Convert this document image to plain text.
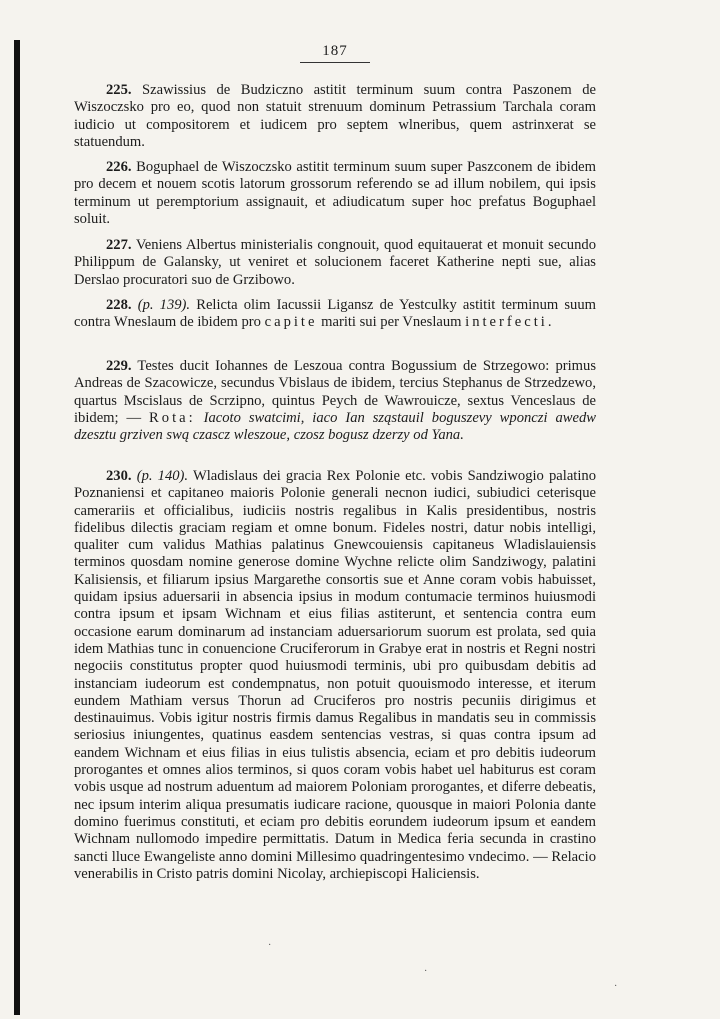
187

225. Szawissius de Budziczno astitit terminum suum contra Paszonem de Wiszoczsko pro eo, quod non statuit strenuum dominum Petrassium Tarchala coram iudicio ut compositorem et iudicem pro septem wlneribus, quem astrinxerat se statuendum.

226. Boguphael de Wiszoczsko astitit terminum suum super Paszconem de ibidem pro decem et nouem scotis latorum grossorum referendo se ad illum nobilem, qui ipsis terminum ut peremptorium assignauit, et adiudicatum super hoc prefatus Boguphael soluit.

227. Veniens Albertus ministerialis congnouit, quod equitauerat et monuit secundo Philippum de Galansky, ut veniret et solucionem faceret Katherine nepti sue, alias Derslao procuratori suo de Grzibowo.

228. (p. 139). Relicta olim Iacussii Ligansz de Yestculky astitit terminum suum contra Wneslaum de ibidem pro capite mariti sui per Vneslaum interfecti.

229. Testes ducit Iohannes de Leszoua contra Bogussium de Strzegowo: primus Andreas de Szacowicze, secundus Vbislaus de ibidem, tercius Stephanus de Strzedzewo, quartus Mscislaus de Scrzipno, quintus Peych de Wawrouicze, sextus Venceslaus de ibidem; — Rota: Iacoto swatcimi, iaco Ian sząstauil boguszevy wponczi awedw dzesztu grziven swą czascz wleszoue, czosz bogusz dzerzy od Yana.

230. (p. 140). Wladislaus dei gracia Rex Polonie etc. vobis Sandziwogio palatino Poznaniensi et capitaneo maioris Polonie generali necnon iudici, subiudici ceterisque camerariis et officialibus, iudiciis nostris regalibus in Kalis presidentibus, nostris fidelibus dilectis graciam regiam et omne bonum. Fideles nostri, datur nobis intelligi, qualiter cum validus Mathias palatinus Gnewcouiensis capitaneus Wladislauiensis terminos quosdam nomine generose domine Wychne relicte olim Sandziwogy, palatini Kalisiensis, et filiarum ipsius Margarethe consortis sue et Anne coram vobis habuisset, quidam ipsius aduersarii in absencia ipsius in modum contumacie terminos huiusmodi contra ipsum et ipsam Wichnam et eius filias astiterunt, et sentencia contra eum occasione earum dominarum ad instanciam aduersariorum suorum est prolata, sed quia idem Mathias tunc in conuencione Cruciferorum in Grabye erat in nostris et Regni nostri negociis constitutus propter quod huiusmodi terminis, ubi pro quibusdam debitis ad instanciam iudeorum est condempnatus, non potuit quouismodo interesse, et iterum eundem Mathiam versus Thorun ad Cruciferos pro nostris pecuniis dirigimus et destinauimus. Vobis igitur nostris firmis damus Regalibus in mandatis seu in commissis seriosius iniungentes, quatinus easdem sentencias vestras, si quas contra ipsum ad eandem Wichnam et eius filias in eius tulistis absencia, eciam et pro debitis iudeorum prorogantes et omnes alios terminos, si quos coram vobis habet uel habiturus est coram vobis usque ad nostrum aduentum ad maiorem Poloniam prorogantes, et diferre debeatis, nec ipsum interim aliqua presumatis iudicare racione, quousque in maiori Polonia dante domino fuerimus constituti, et eciam pro debitis eorundem iudeorum ipsum et eandem Wichnam nullomodo impedire permittatis. Datum in Medica feria secunda in crastino sancti lluce Ewangeliste anno domini Millesimo quadringentesimo vndecimo. — Relacio venerabilis in Cristo patris domini Nicolay, archiepiscopi Haliciensis.

·
·
·
